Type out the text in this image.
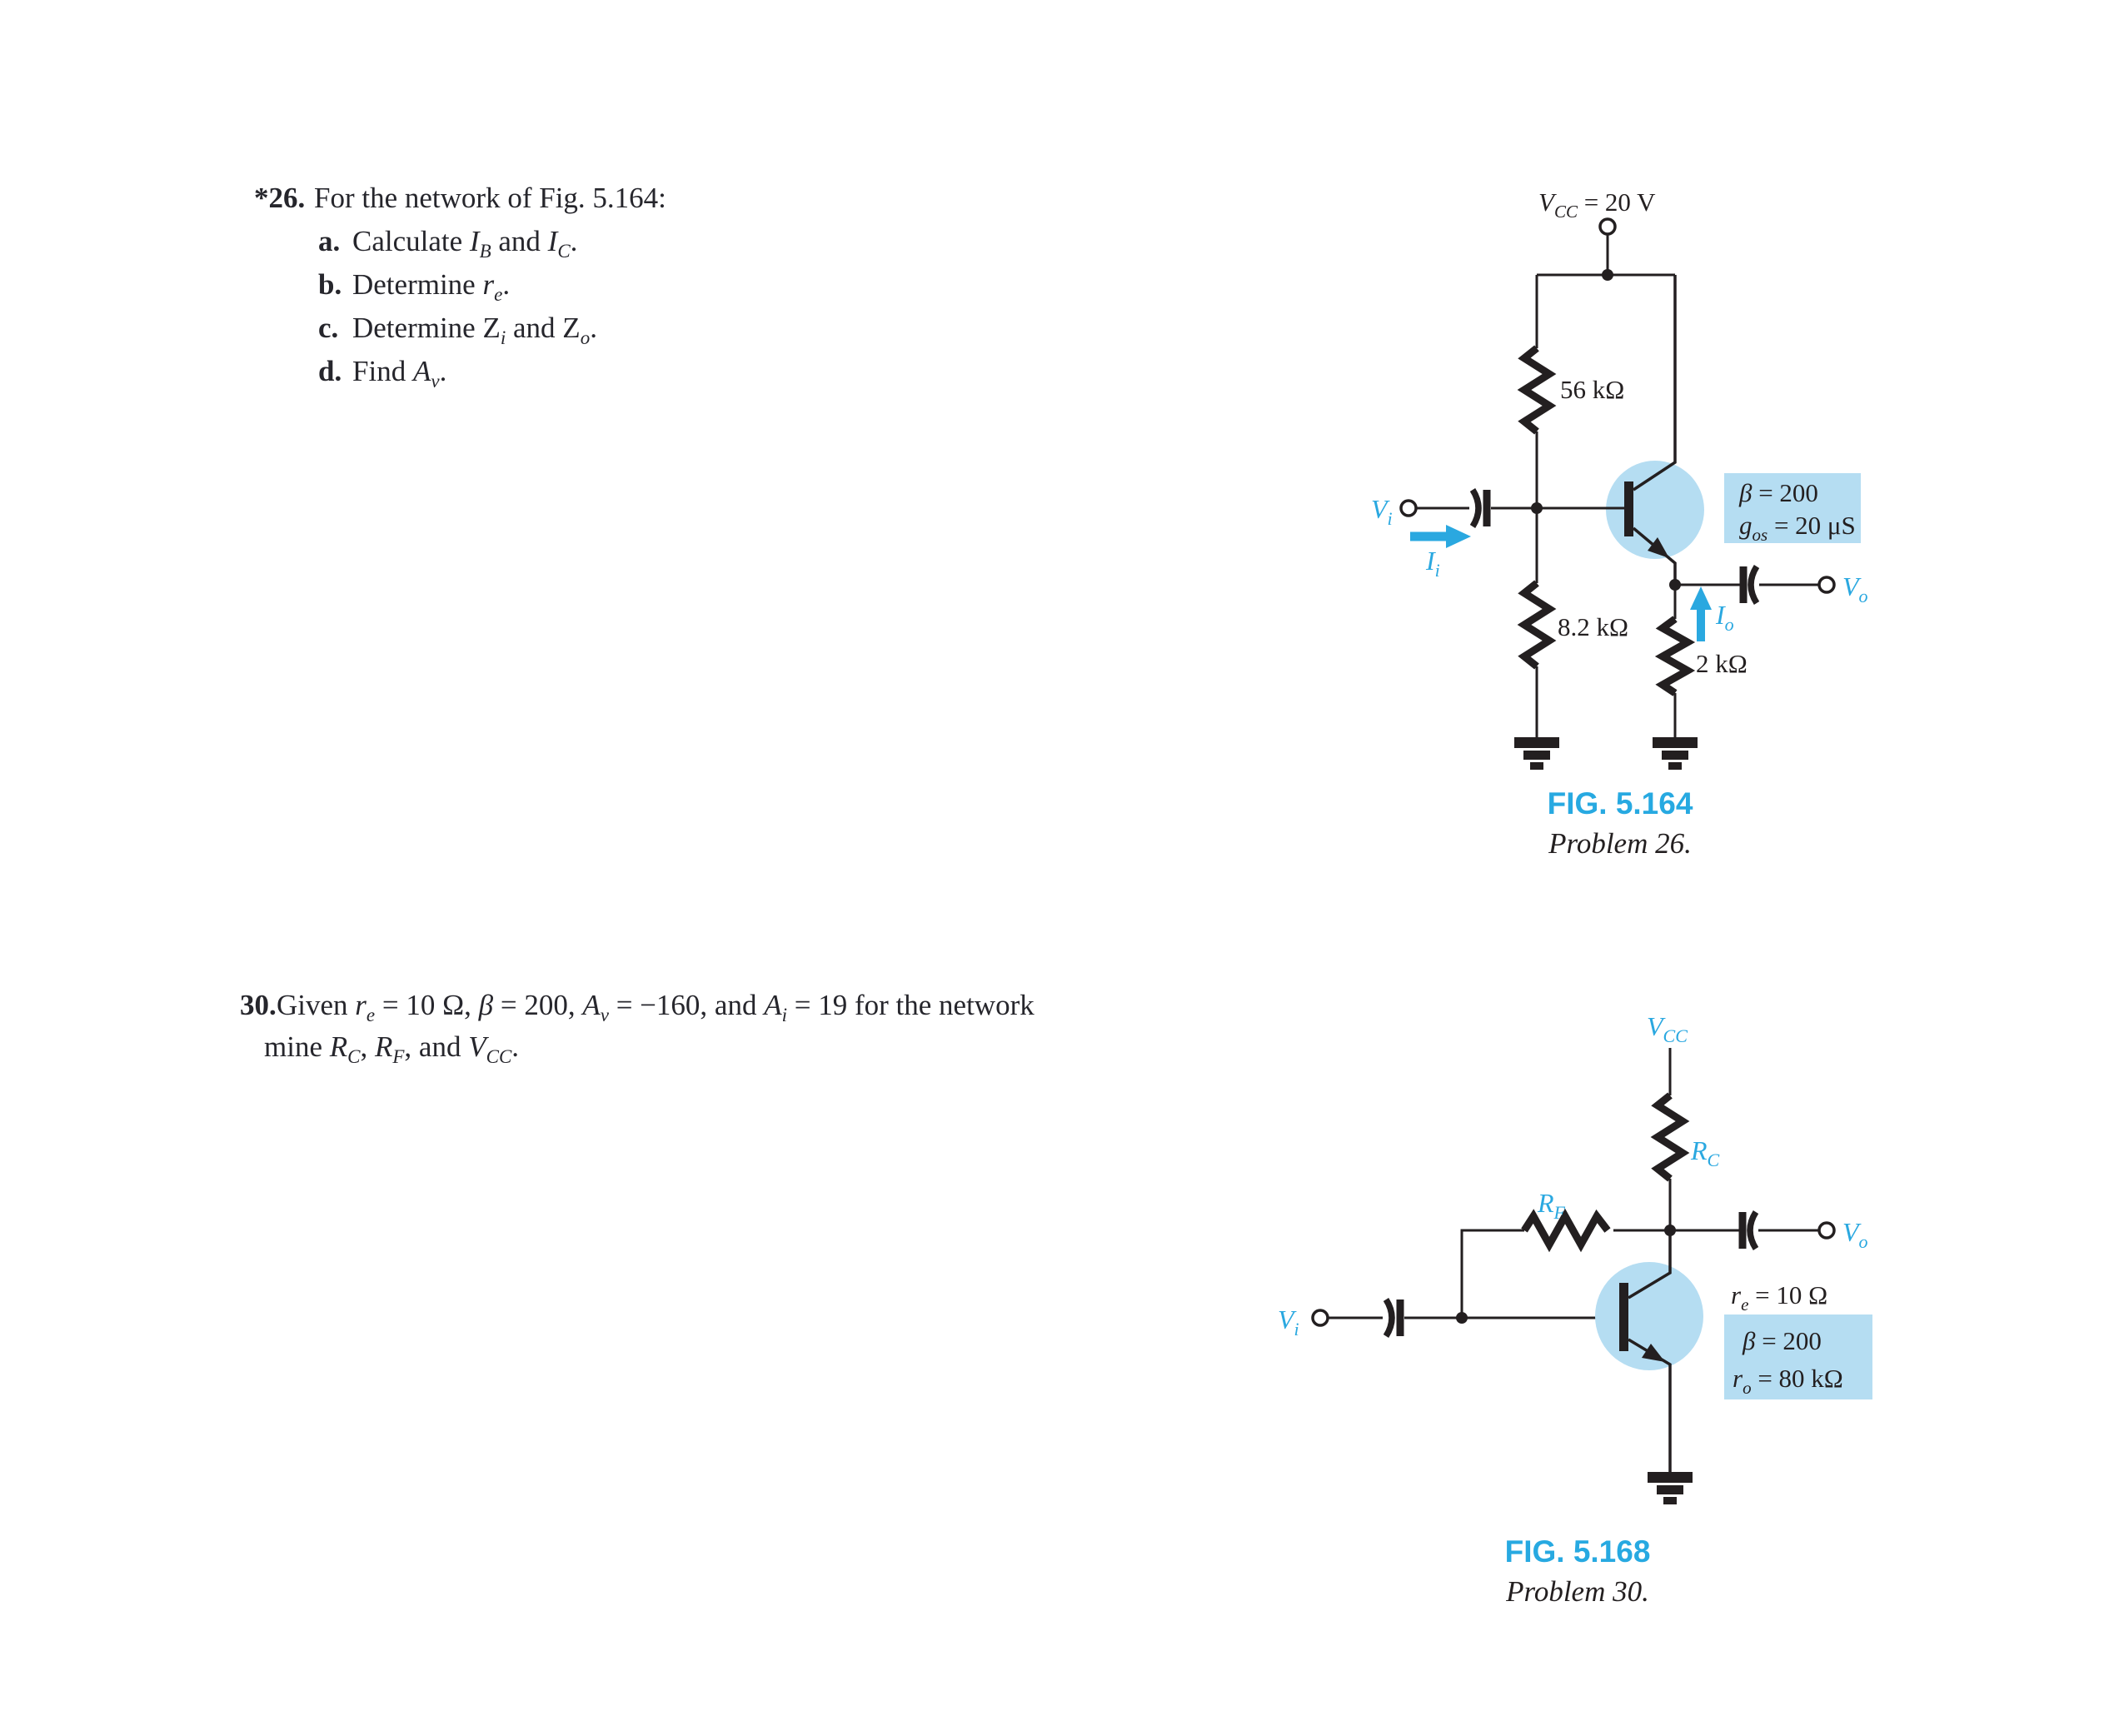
*26. For the network of Fig. 5.164:
a. Calculate $I_B$ and $I_C$.
b. Determine $r_e$.
c. Determine $Z_i$ and $Z_o$.
d. Find $A_v$.
30.Given $r_e = 10$ Ω, β = 200, $A_v = -160$, and $A_i = 19$ for the network
mine $R_C$, $R_F$, and $V_{CC}$.
VCC = 20 V
56 kΩ
8.2 kΩ
Vi
Ii
β = 200
gos = 20 μS
Vo
Io
2 kΩ
FIG. 5.164
Problem 26.
VCC
RC
RF
Vi
Vo
re = 10 Ω
β = 200
ro = 80 kΩ
FIG. 5.168
Problem 30.
